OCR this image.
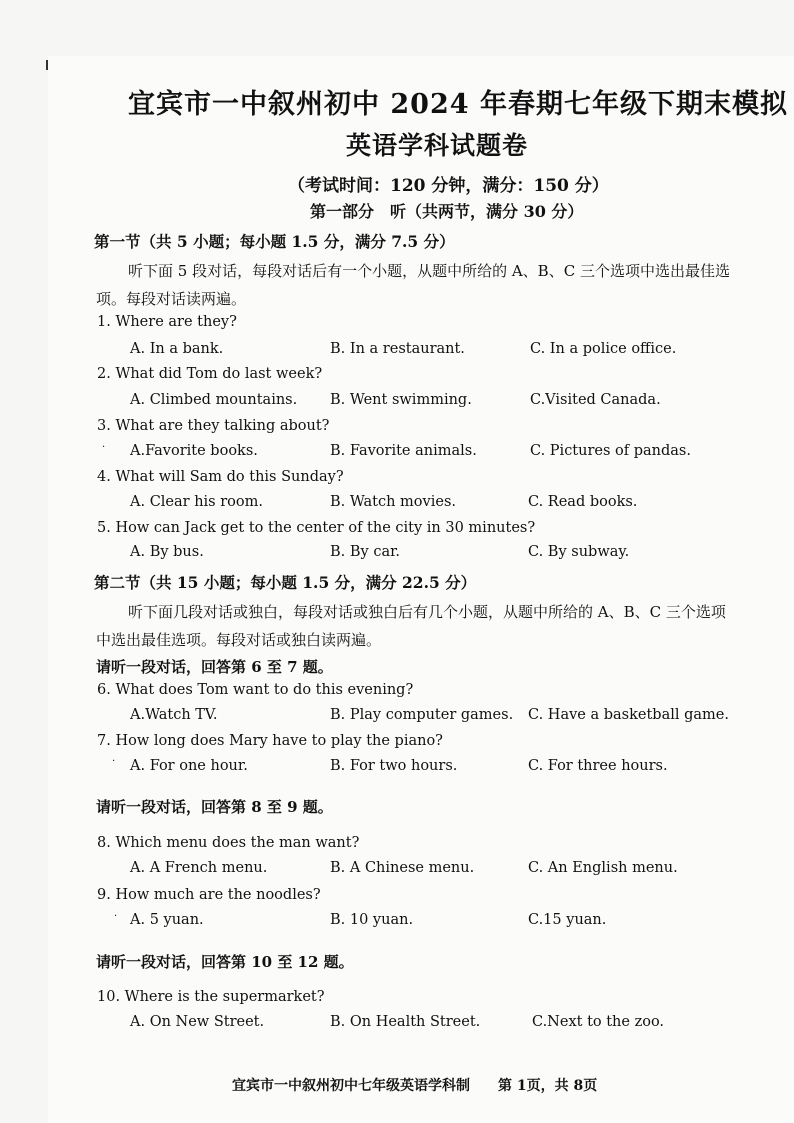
宜宾市一中叙州初中 2024 年春期七年级下期末模拟
英语学科试题卷
（考试时间：120 分钟，满分：150 分）
第一部分　听（共两节，满分 30 分）
第一节（共 5 小题；每小题 1.5 分，满分 7.5 分）
听下面 5 段对话，每段对话后有一个小题，从题中所给的 A、B、C 三个选项中选出最佳选
项。每段对话读两遍。
1. Where are they?
A. In a bank.	B. In a restaurant.	C. In a police office.
2. What did Tom do last week?
A. Climbed mountains. B. Went swimming.	C.Visited Canada.
3. What are they talking about?
· A.Favorite books.	B. Favorite animals.	C. Pictures of pandas.
4. What will Sam do this Sunday?
A. Clear his room.	B. Watch movies.	C. Read books.
5. How can Jack get to the center of the city in 30 minutes?
A. By bus.	B. By car.	C. By subway.
第二节（共 15 小题；每小题 1.5 分，满分 22.5 分）
听下面几段对话或独白，每段对话或独白后有几个小题，从题中所给的 A、B、C 三个选项
中选出最佳选项。每段对话或独白读两遍。
请听一段对话，回答第 6 至 7 题。
6. What does Tom want to do this evening?
A.Watch TV.	B. Play computer games. C. Have a basketball game.
7. How long does Mary have to play the piano?
· A. For one hour.	B. For two hours.	C. For three hours.
请听一段对话，回答第 8 至 9 题。
8. Which menu does the man want?
A. A French menu.	B. A Chinese menu.	C. An English menu.
9. How much are the noodles?
· A. 5 yuan.	B. 10 yuan.	C.15 yuan.
请听一段对话，回答第 10 至 12 题。
10. Where is the supermarket?
A. On New Street.	B. On Health Street.	C.Next to the zoo.
宜宾市一中叙州初中七年级英语学科制　　第 1页，共 8页
